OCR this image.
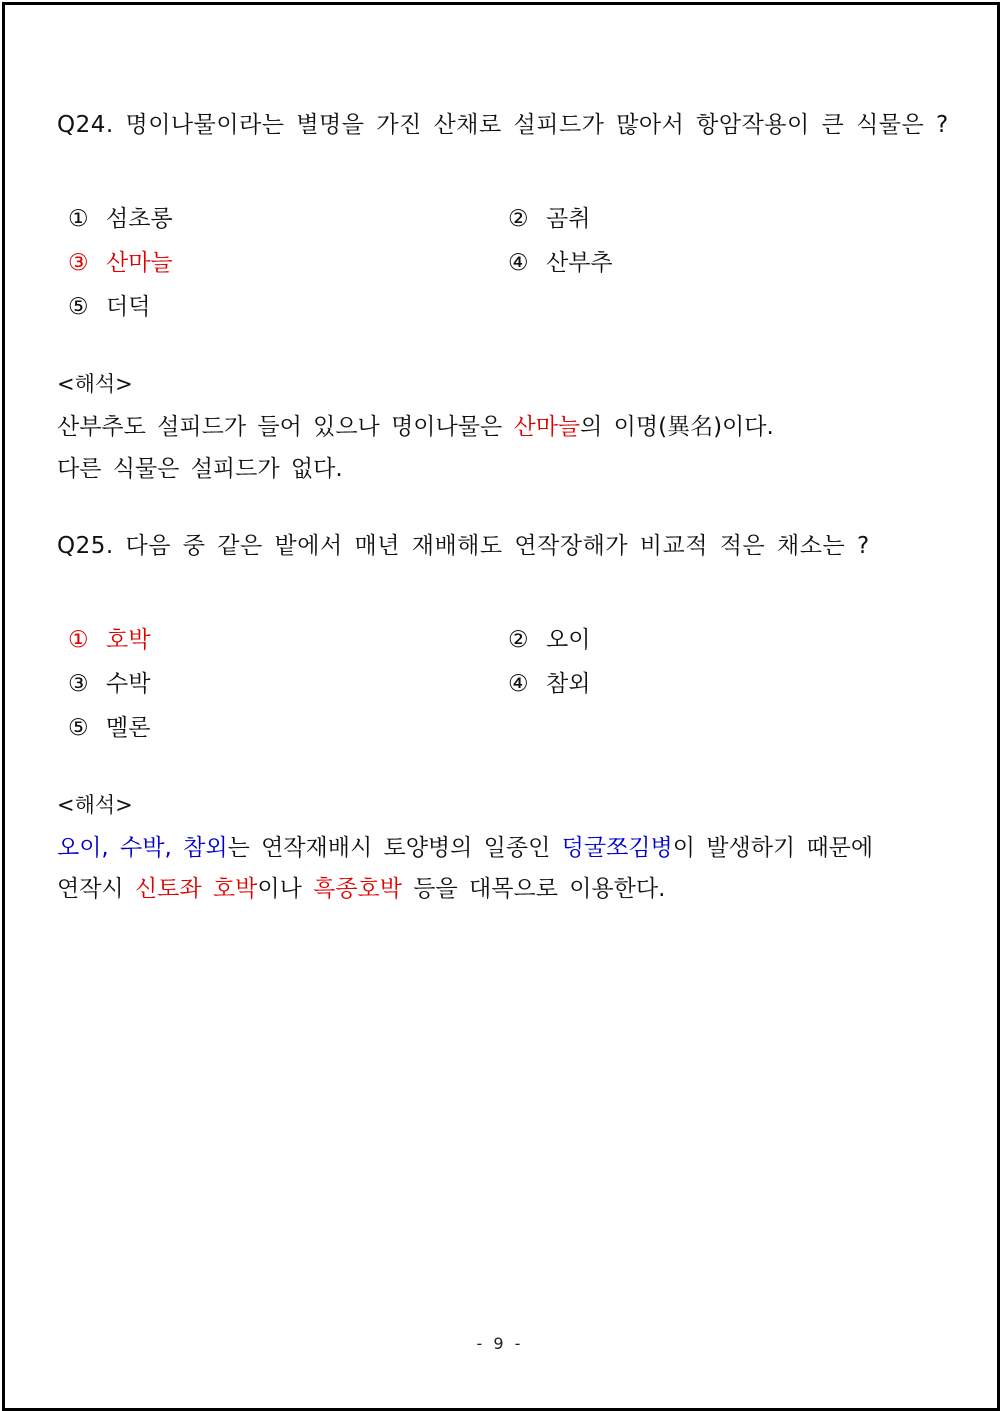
Q24. 명이나물이라는 별명을 가진 산채로 설피드가 많아서 항암작용이 큰 식물은 ?
① 섬초롱	② 곰취
③ 산마늘	④ 산부추
⑤ 더덕
<해석>
산부추도 설피드가 들어 있으나 명이나물은 산마늘의 이명(異名)이다.
다른 식물은 설피드가 없다.
Q25. 다음 중 같은 밭에서 매년 재배해도 연작장해가 비교적 적은 채소는 ?
① 호박	② 오이
③ 수박	④ 참외
⑤ 멜론
<해석>
오이, 수박, 참외는 연작재배시 토양병의 일종인 덩굴쪼김병이 발생하기 때문에
연작시 신토좌 호박이나 흑종호박 등을 대목으로 이용한다.
- 9 -
